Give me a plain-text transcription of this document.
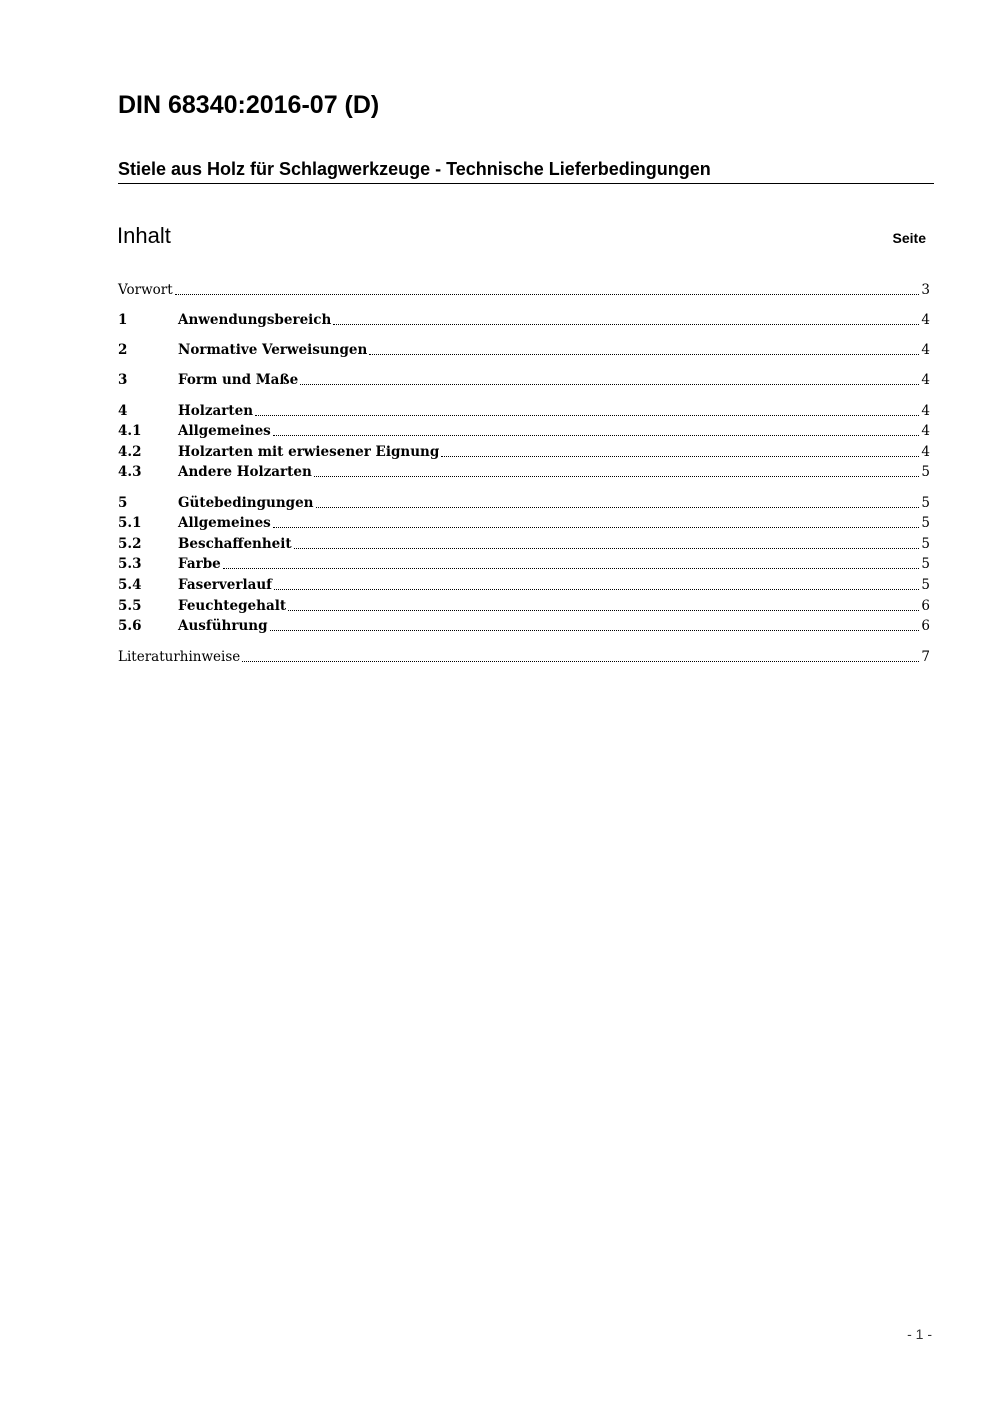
DIN 68340:2016-07 (D)
Stiele aus Holz für Schlagwerkzeuge - Technische Lieferbedingungen
Inhalt	Seite
Vorwort	3
1	Anwendungsbereich	4
2	Normative Verweisungen	4
3	Form und Maße	4
4	Holzarten	4
4.1	Allgemeines	4
4.2	Holzarten mit erwiesener Eignung	4
4.3	Andere Holzarten	5
5	Gütebedingungen	5
5.1	Allgemeines	5
5.2	Beschaffenheit	5
5.3	Farbe	5
5.4	Faserverlauf	5
5.5	Feuchtegehalt	6
5.6	Ausführung	6
Literaturhinweise	7
- 1 -
